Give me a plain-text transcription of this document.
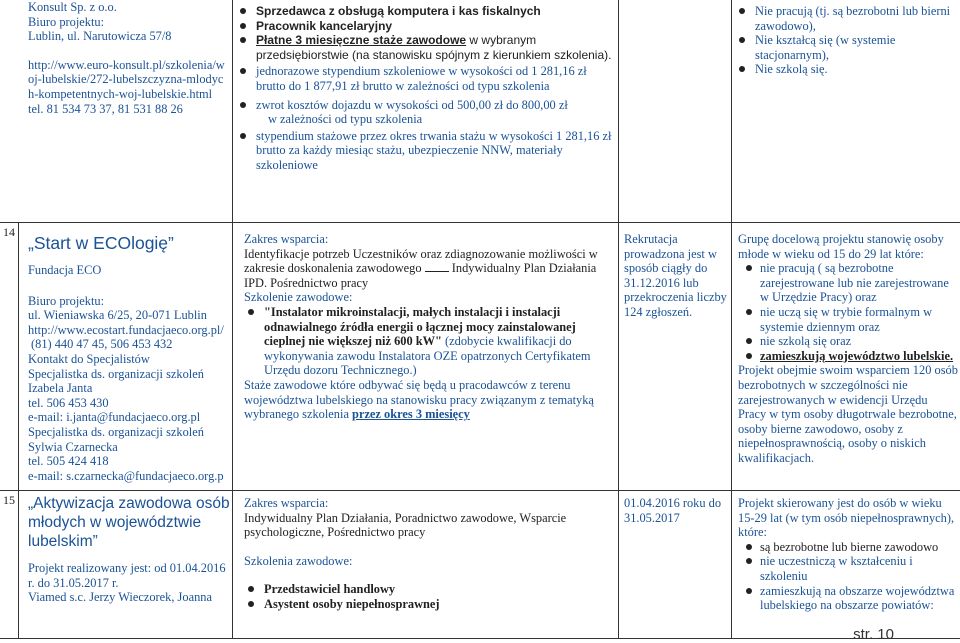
Konsult Sp. z o.o.

Biuro projektu:

Lublin, ul. Narutowicza 57/8

http://www.euro-konsult.pl/szkolenia/woj-lubelskie/272-lubelszczyzna-mlodych-kompetentnych-woj-lubelskie.html

tel. 81 534 73 37, 81 531 88 26

Sprzedawca z obsługą komputera i kas fiskalnych
Pracownik kancelaryjny
Płatne 3 miesięczne staże zawodowe w wybranym przedsiębiorstwie (na stanowisku spójnym z kierunkiem szkolenia).
jednorazowe stypendium szkoleniowe w wysokości od 1 281,16 zł brutto do 1 877,91 zł brutto w zależności od typu szkolenia
zwrot kosztów dojazdu w wysokości od 500,00 zł do 800,00 zł
w zależności od typu szkolenia
stypendium stażowe przez okres trwania stażu w wysokości 1 281,16 zł brutto za każdy miesiąc stażu, ubezpieczenie NNW, materiały szkoleniowe
Nie pracują (tj. są bezrobotni lub bierni zawodowo),
Nie kształcą się (w systemie stacjonarnym),
Nie szkolą się.
14

„Start w ECOlogię”

Fundacja ECO

Biuro projektu:

ul. Wieniawska 6/25, 20-071 Lublin

http://www.ecostart.fundacjaeco.org.pl/

(81) 440 47 45, 506 453 432

Kontakt do Specjalistów

Specjalistka ds. organizacji szkoleń

Izabela Janta

tel. 506 453 430

e-mail: i.janta@fundacjaeco.org.pl

Specjalistka ds. organizacji szkoleń

Sylwia Czarnecka

tel. 505 424 418

e-mail: s.czarnecka@fundacjaeco.org.p

Zakres wsparcia:

Identyfikacje potrzeb Uczestników oraz zdiagnozowanie możliwości w zakresie doskonalenia zawodowego Indywidualny Plan Działania IPD. Pośrednictwo pracy

Szkolenie zawodowe:

"Instalator mikroinstalacji, małych instalacji i instalacji odnawialnego źródła energii o łącznej mocy zainstalowanej cieplnej nie większej niż 600 kW" (zdobycie kwalifikacji do wykonywania zawodu Instalatora OZE opatrzonych Certyfikatem Urzędu dozoru Technicznego.)

Staże zawodowe które odbywać się będą u pracodawców z terenu województwa lubelskiego na stanowisku pracy związanym z tematyką wybranego szkolenia przez okres 3 miesięcy

Rekrutacja prowadzona jest w sposób ciągły do 31.12.2016 lub przekroczenia liczby 124 zgłoszeń.

Grupę docelową projektu stanowię osoby młode w wieku od 15 do 29 lat które:

nie pracują ( są bezrobotne zarejestrowane lub nie zarejestrowane w Urzędzie Pracy) oraz
nie uczą się w trybie formalnym w systemie dziennym oraz
nie szkolą się oraz
zamieszkują województwo lubelskie.

Projekt obejmie swoim wsparciem 120 osób bezrobotnych w szczególności nie zarejestrowanych w ewidencji Urzędu Pracy w tym osoby długotrwale bezrobotne, osoby bierne zawodowo, osoby z niepełnosprawnością, osoby o niskich kwalifikacjach.

15 „Aktywizacja zawodowa osób młodych w województwie lubelskim”

Projekt realizowany jest: od 01.04.2016 r. do 31.05.2017 r.

Viamed s.c. Jerzy Wieczorek, Joanna

Zakres wsparcia:

Indywidualny Plan Działania, Poradnictwo zawodowe, Wsparcie psychologiczne, Pośrednictwo pracy

Szkolenia zawodowe:

Przedstawiciel handlowy
Asystent osoby niepełnosprawnej

01.04.2016 roku do 31.05.2017

Projekt skierowany jest do osób w wieku 15-29 lat (w tym osób niepełnosprawnych), które:

są bezrobotne lub bierne zawodowo
nie uczestniczą w kształceniu i szkoleniu
zamieszkują na obszarze województwa lubelskiego na obszarze powiatów:
str. 10
